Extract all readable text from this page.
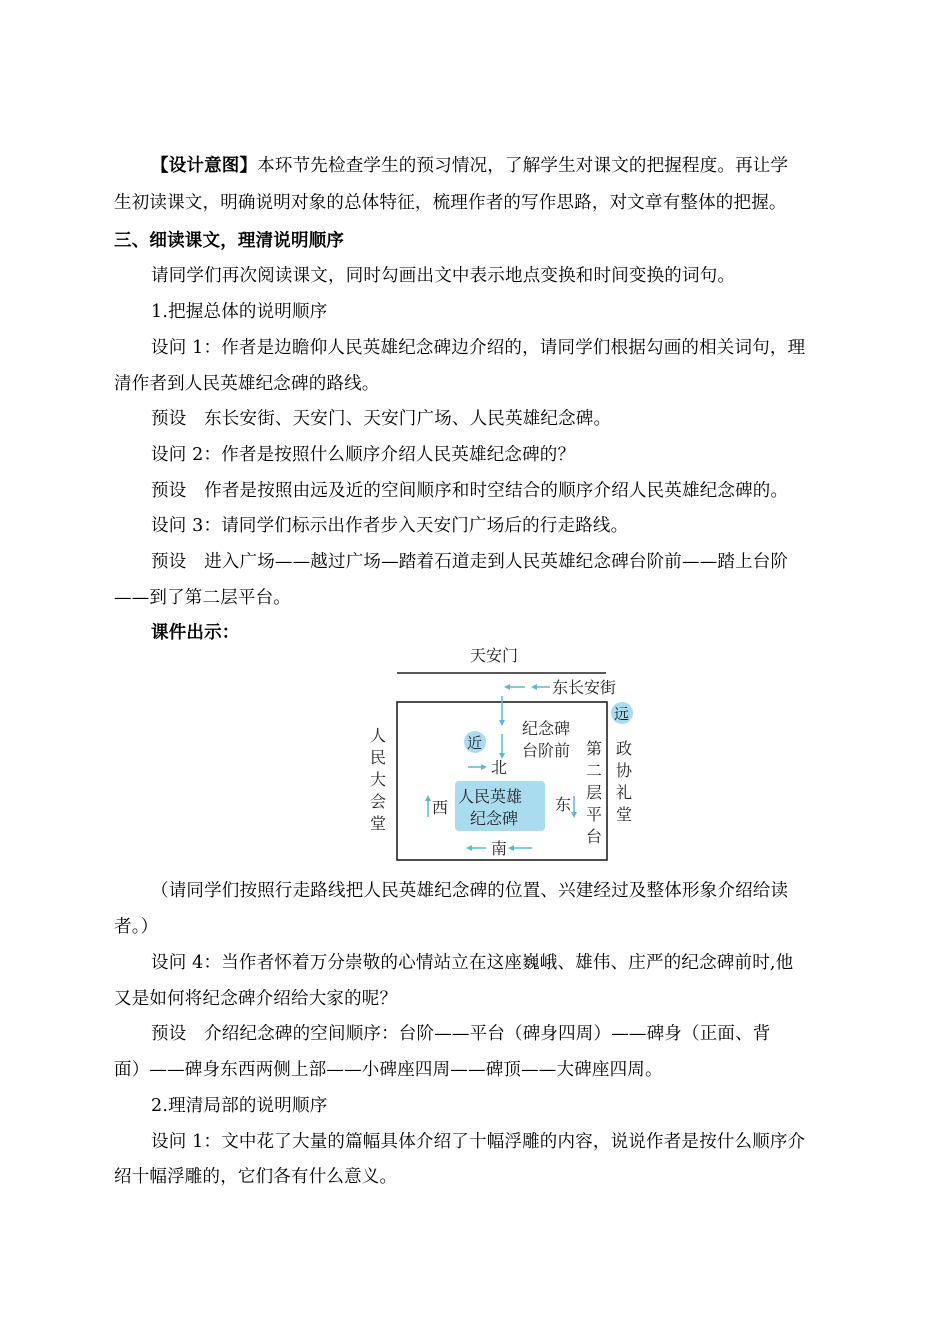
【设计意图】本环节先检查学生的预习情况，了解学生对课文的把握程度。再让学
生初读课文，明确说明对象的总体特征，梳理作者的写作思路，对文章有整体的把握。
三、细读课文，理清说明顺序
请同学们再次阅读课文，同时勾画出文中表示地点变换和时间变换的词句。
1.把握总体的说明顺序
设问 1：作者是边瞻仰人民英雄纪念碑边介绍的，请同学们根据勾画的相关词句，理
清作者到人民英雄纪念碑的路线。
预设　东长安街、天安门、天安门广场、人民英雄纪念碑。
设问 2：作者是按照什么顺序介绍人民英雄纪念碑的？
预设　作者是按照由远及近的空间顺序和时空结合的顺序介绍人民英雄纪念碑的。
设问 3：请同学们标示出作者步入天安门广场后的行走路线。
预设　进入广场——越过广场—踏着石道走到人民英雄纪念碑台阶前——踏上台阶
——到了第二层平台。
课件出示：
天安门
东长安街
远
纪念碑
台阶前
近
北
人民英雄
纪念碑
西	东
南
第
二
层
平
台
政
协
礼
堂
人
民
大
会
堂
（请同学们按照行走路线把人民英雄纪念碑的位置、兴建经过及整体形象介绍给读
者。）
设问 4：当作者怀着万分崇敬的心情站立在这座巍峨、雄伟、庄严的纪念碑前时,他
又是如何将纪念碑介绍给大家的呢？
预设　介绍纪念碑的空间顺序：台阶——平台（碑身四周）——碑身（正面、背
面）——碑身东西两侧上部——小碑座四周——碑顶——大碑座四周。
2.理清局部的说明顺序
设问 1：文中花了大量的篇幅具体介绍了十幅浮雕的内容，说说作者是按什么顺序介
绍十幅浮雕的，它们各有什么意义。
